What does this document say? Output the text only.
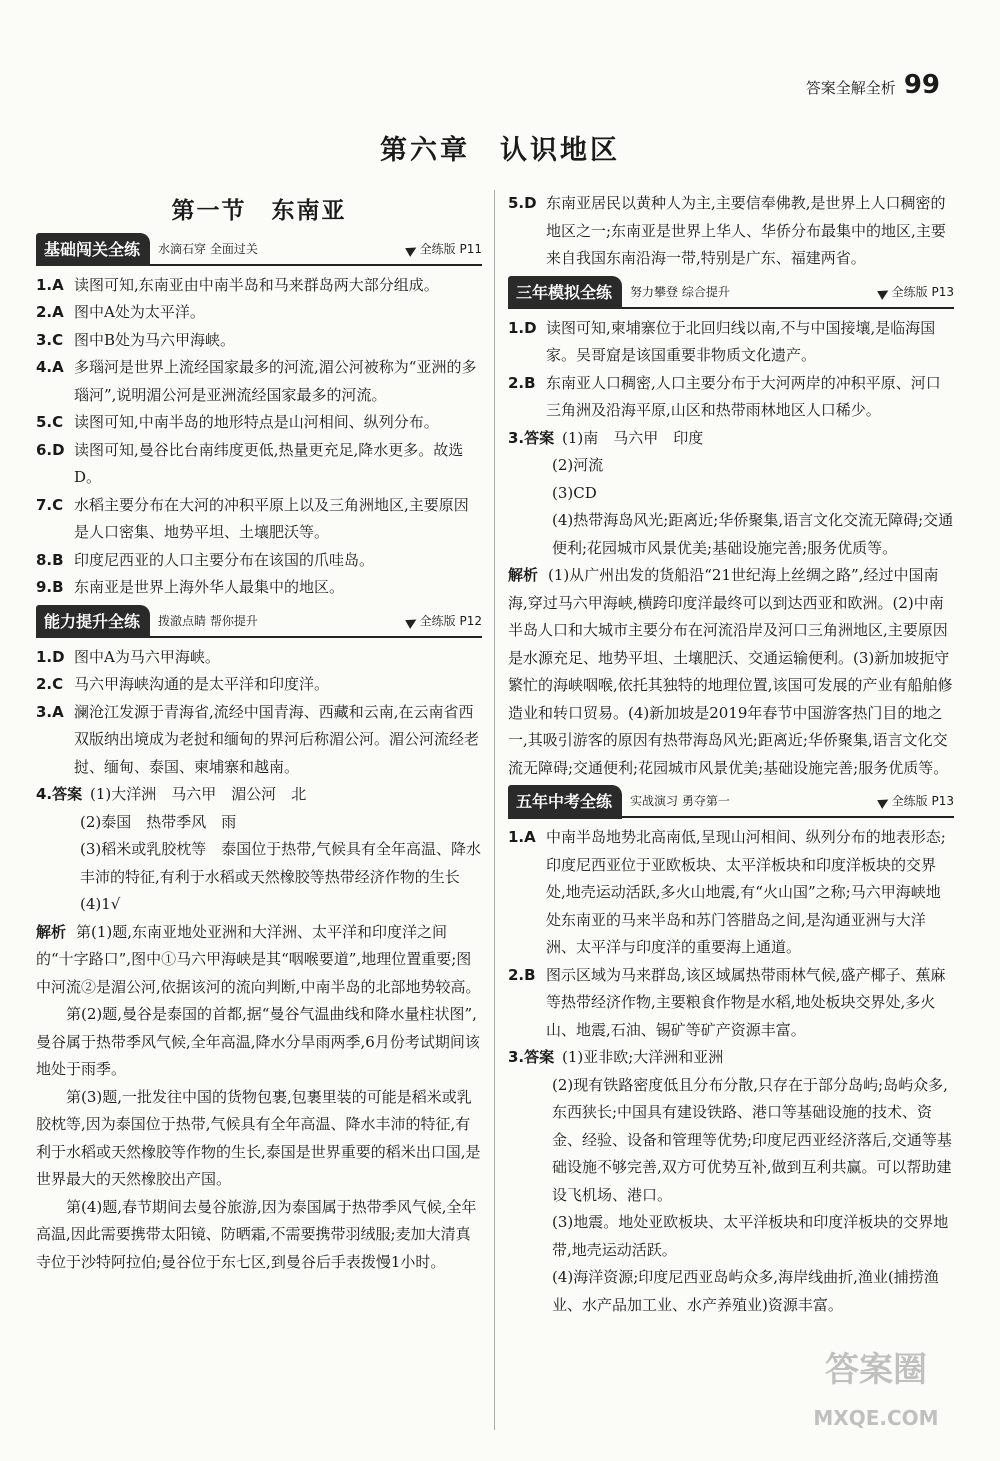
答案全解全析 99
第六章　认识地区
第一节　东南亚
基础闯关全练	水滴石穿 全面过关	全练版 P11
1.A 读图可知,东南亚由中南半岛和马来群岛两大部分组成。
2.A 图中A处为太平洋。
3.C 图中B处为马六甲海峡。
4.A 多瑙河是世界上流经国家最多的河流,湄公河被称为“亚洲的多瑙河”,说明湄公河是亚洲流经国家最多的河流。
5.C 读图可知,中南半岛的地形特点是山河相间、纵列分布。
6.D 读图可知,曼谷比台南纬度更低,热量更充足,降水更多。故选D。
7.C 水稻主要分布在大河的冲积平原上以及三角洲地区,主要原因是人口密集、地势平坦、土壤肥沃等。
8.B 印度尼西亚的人口主要分布在该国的爪哇岛。
9.B 东南亚是世界上海外华人最集中的地区。
能力提升全练	拨澈点睛 帮你提升	全练版 P12
1.D 图中A为马六甲海峡。
2.C 马六甲海峡沟通的是太平洋和印度洋。
3.A 澜沧江发源于青海省,流经中国青海、西藏和云南,在云南省西双版纳出境成为老挝和缅甸的界河后称湄公河。湄公河流经老挝、缅甸、泰国、柬埔寨和越南。
4.答案 (1)大洋洲　马六甲　湄公河　北
(2)泰国　热带季风　雨
(3)稻米或乳胶枕等　泰国位于热带,气候具有全年高温、降水丰沛的特征,有利于水稻或天然橡胶等热带经济作物的生长
(4)1√
解析 第(1)题,东南亚地处亚洲和大洋洲、太平洋和印度洋之间的“十字路口”,图中①马六甲海峡是其“咽喉要道”,地理位置重要;图中河流②是湄公河,依据该河的流向判断,中南半岛的北部地势较高。
第(2)题,曼谷是泰国的首都,据“曼谷气温曲线和降水量柱状图”,曼谷属于热带季风气候,全年高温,降水分旱雨两季,6月份考试期间该地处于雨季。
第(3)题,一批发往中国的货物包裹,包裹里装的可能是稻米或乳胶枕等,因为泰国位于热带,气候具有全年高温、降水丰沛的特征,有利于水稻或天然橡胶等作物的生长,泰国是世界重要的稻米出口国,是世界最大的天然橡胶出产国。
第(4)题,春节期间去曼谷旅游,因为泰国属于热带季风气候,全年高温,因此需要携带太阳镜、防晒霜,不需要携带羽绒服;麦加大清真寺位于沙特阿拉伯;曼谷位于东七区,到曼谷后手表拨慢1小时。
5.D 东南亚居民以黄种人为主,主要信奉佛教,是世界上人口稠密的地区之一;东南亚是世界上华人、华侨分布最集中的地区,主要来自我国东南沿海一带,特别是广东、福建两省。
三年模拟全练	努力攀登 综合提升	全练版 P13
1.D 读图可知,柬埔寨位于北回归线以南,不与中国接壤,是临海国家。吴哥窟是该国重要非物质文化遗产。
2.B 东南亚人口稠密,人口主要分布于大河两岸的冲积平原、河口三角洲及沿海平原,山区和热带雨林地区人口稀少。
3.答案 (1)南　马六甲　印度
(2)河流
(3)CD
(4)热带海岛风光;距离近;华侨聚集,语言文化交流无障碍;交通便利;花园城市风景优美;基础设施完善;服务优质等。
解析 (1)从广州出发的货船沿“21世纪海上丝绸之路”,经过中国南海,穿过马六甲海峡,横跨印度洋最终可以到达西亚和欧洲。(2)中南半岛人口和大城市主要分布在河流沿岸及河口三角洲地区,主要原因是水源充足、地势平坦、土壤肥沃、交通运输便利。(3)新加坡扼守繁忙的海峡咽喉,依托其独特的地理位置,该国可发展的产业有船舶修造业和转口贸易。(4)新加坡是2019年春节中国游客热门目的地之一,其吸引游客的原因有热带海岛风光;距离近;华侨聚集,语言文化交流无障碍;交通便利;花园城市风景优美;基础设施完善;服务优质等。
五年中考全练	实战演习 勇夺第一	全练版 P13
1.A 中南半岛地势北高南低,呈现山河相间、纵列分布的地表形态;印度尼西亚位于亚欧板块、太平洋板块和印度洋板块的交界处,地壳运动活跃,多火山地震,有“火山国”之称;马六甲海峡地处东南亚的马来半岛和苏门答腊岛之间,是沟通亚洲与大洋洲、太平洋与印度洋的重要海上通道。
2.B 图示区域为马来群岛,该区域属热带雨林气候,盛产椰子、蕉麻等热带经济作物,主要粮食作物是水稻,地处板块交界处,多火山、地震,石油、锡矿等矿产资源丰富。
3.答案 (1)亚非欧;大洋洲和亚洲
(2)现有铁路密度低且分布分散,只存在于部分岛屿;岛屿众多,东西狭长;中国具有建设铁路、港口等基础设施的技术、资金、经验、设备和管理等优势;印度尼西亚经济落后,交通等基础设施不够完善,双方可优势互补,做到互利共赢。可以帮助建设飞机场、港口。
(3)地震。地处亚欧板块、太平洋板块和印度洋板块的交界地带,地壳运动活跃。
(4)海洋资源;印度尼西亚岛屿众多,海岸线曲折,渔业(捕捞渔业、水产品加工业、水产养殖业)资源丰富。
答案圈
MXQE.COM
